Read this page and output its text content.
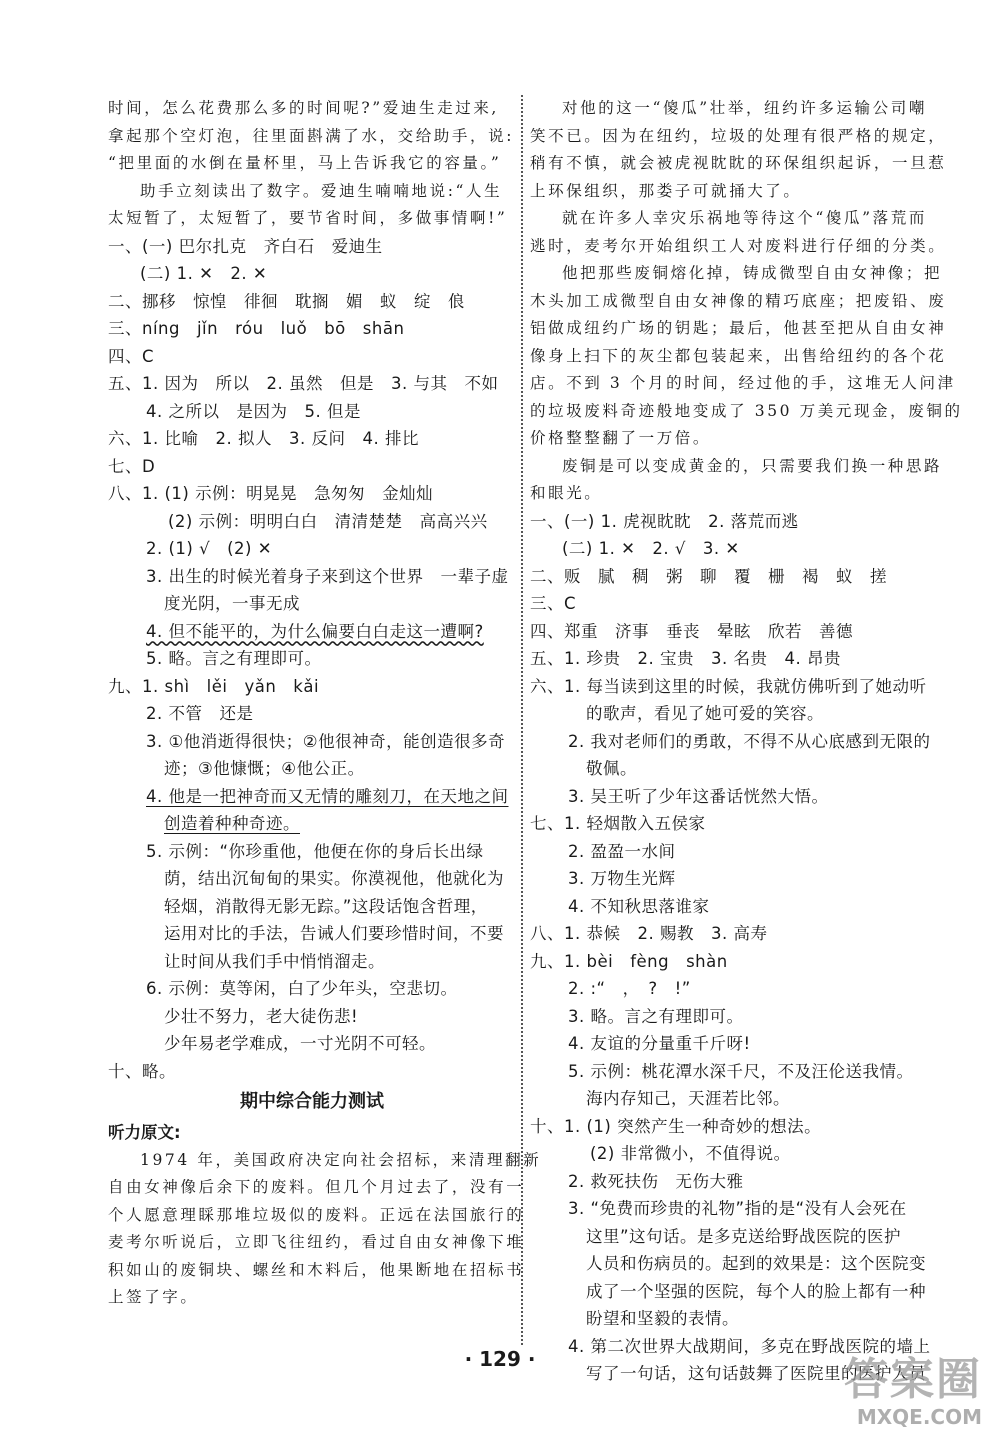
时间，怎么花费那么多的时间呢?”爱迪生走过来,
拿起那个空灯泡，往里面斟满了水，交给助手，说:
“把里面的水倒在量杯里，马上告诉我它的容量。”
助手立刻读出了数字。爱迪生喃喃地说:“人生
太短暂了，太短暂了，要节省时间，多做事情啊!”
一、(一) 巴尔扎克　齐白石　爱迪生
(二) 1. ✕　2. ✕
二、挪移　惊惶　徘徊　耽搁　媚　蚁　绽　俍
三、níng　jǐn　róu　luǒ　bō　shān
四、C
五、1. 因为　所以　2. 虽然　但是　3. 与其　不如
4. 之所以　是因为　5. 但是
六、1. 比喻　2. 拟人　3. 反问　4. 排比
七、D
八、1. (1) 示例：明晃晃　急匆匆　金灿灿
(2) 示例：明明白白　清清楚楚　高高兴兴
2. (1) √　(2) ✕
3. 出生的时候光着身子来到这个世界　一辈子虚
度光阴，一事无成
4. 但不能平的，为什么偏要白白走这一遭啊?
5. 略。言之有理即可。
九、1. shì　lěi　yǎn　kǎi
2. 不管　还是
3. ①他消逝得很快；②他很神奇，能创造很多奇
迹；③他慷慨；④他公正。
4. 他是一把神奇而又无情的雕刻刀，在天地之间
创造着种种奇迹。
5. 示例：“你珍重他，他便在你的身后长出绿
荫，结出沉甸甸的果实。你漠视他，他就化为
轻烟，消散得无影无踪。”这段话饱含哲理，
运用对比的手法，告诫人们要珍惜时间，不要
让时间从我们手中悄悄溜走。
6. 示例：莫等闲，白了少年头，空悲切。
少壮不努力，老大徒伤悲!
少年易老学难成，一寸光阴不可轻。
十、略。
期中综合能力测试
听力原文:
1974 年，美国政府决定向社会招标，来清理翻新
自由女神像后余下的废料。但几个月过去了，没有一
个人愿意理睬那堆垃圾似的废料。正远在法国旅行的
麦考尔听说后，立即飞往纽约，看过自由女神像下堆
积如山的废铜块、螺丝和木料后，他果断地在招标书
上签了字。
对他的这一“傻瓜”壮举，纽约许多运输公司嘲
笑不已。因为在纽约，垃圾的处理有很严格的规定，
稍有不慎，就会被虎视眈眈的环保组织起诉，一旦惹
上环保组织，那娄子可就捅大了。
就在许多人幸灾乐祸地等待这个“傻瓜”落荒而
逃时，麦考尔开始组织工人对废料进行仔细的分类。
他把那些废铜熔化掉，铸成微型自由女神像；把
木头加工成微型自由女神像的精巧底座；把废铅、废
铝做成纽约广场的钥匙；最后，他甚至把从自由女神
像身上扫下的灰尘都包装起来，出售给纽约的各个花
店。不到 3 个月的时间，经过他的手，这堆无人问津
的垃圾废料奇迹般地变成了 350 万美元现金，废铜的
价格整整翻了一万倍。
废铜是可以变成黄金的，只需要我们换一种思路
和眼光。
一、(一) 1. 虎视眈眈　2. 落荒而逃
(二) 1. ✕　2. √　3. ✕
二、贩　腻　稠　粥　聊　覆　栅　褐　蚁　搓
三、C
四、郑重　济事　垂丧　晕眩　欣若　善德
五、1. 珍贵　2. 宝贵　3. 名贵　4. 昂贵
六、1. 每当读到这里的时候，我就仿佛听到了她动听
的歌声，看见了她可爱的笑容。
2. 我对老师们的勇敢，不得不从心底感到无限的
敬佩。
3. 吴王听了少年这番话恍然大悟。
七、1. 轻烟散入五侯家
2. 盈盈一水间
3. 万物生光辉
4. 不知秋思落谁家
八、1. 恭候　2. 赐教　3. 高寿
九、1. bèi　fèng　shàn
2. :“　，　?　!”
3. 略。言之有理即可。
4. 友谊的分量重千斤呀!
5. 示例：桃花潭水深千尺，不及汪伦送我情。
海内存知己，天涯若比邻。
十、1. (1) 突然产生一种奇妙的想法。
(2) 非常微小，不值得说。
2. 救死扶伤　无伤大雅
3. “免费而珍贵的礼物”指的是“没有人会死在
这里”这句话。是多克送给野战医院的医护
人员和伤病员的。起到的效果是：这个医院变
成了一个坚强的医院，每个人的脸上都有一种
盼望和坚毅的表情。
4. 第二次世界大战期间，多克在野战医院的墙上
写了一句话，这句话鼓舞了医院里的医护人员
· 129 ·	答案圈
MXQE.COM
